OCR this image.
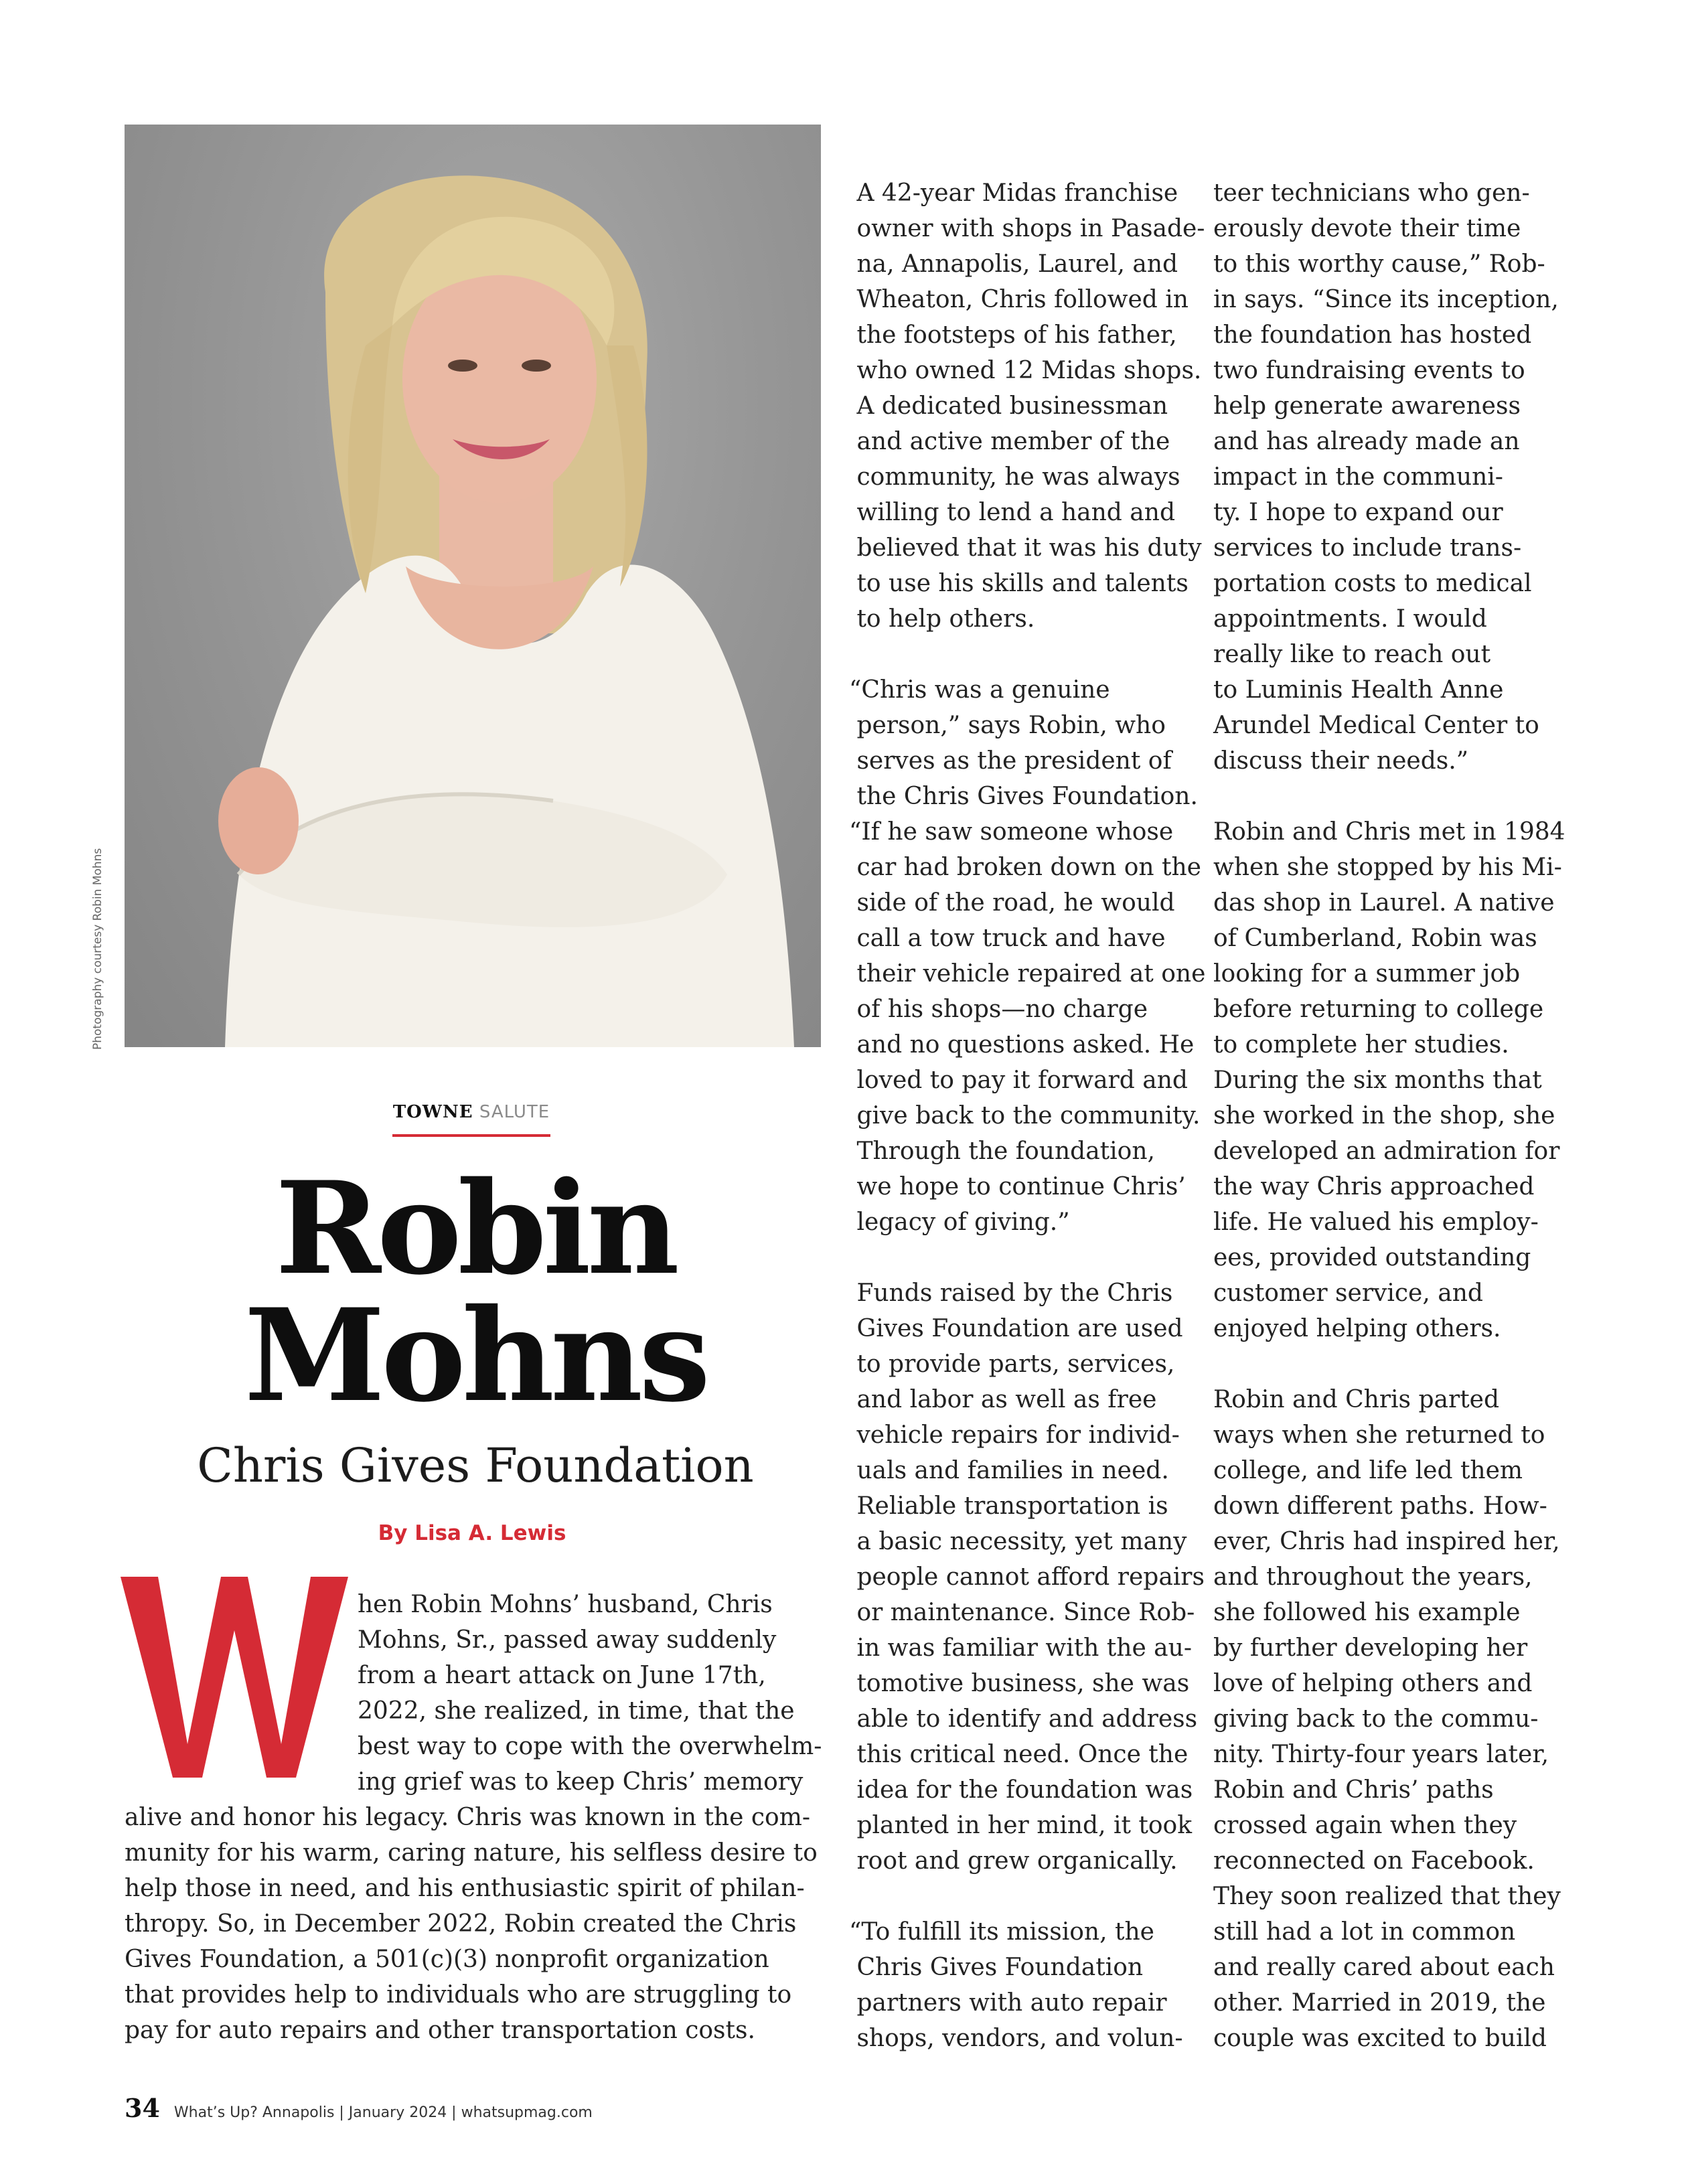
Photography courtesy Robin Mohns
TOWNE SALUTE
Robin
Mohns
Chris Gives Foundation
By Lisa A. Lewis
hen Robin Mohns’ husband, Chris
Mohns, Sr., passed away suddenly
from a heart attack on June 17th,
2022, she realized, in time, that the
best way to cope with the overwhelm-
ing grief was to keep Chris’ memory
alive and honor his legacy. Chris was known in the com-
munity for his warm, caring nature, his selfless desire to
help those in need, and his enthusiastic spirit of philan-
thropy. So, in December 2022, Robin created the Chris
Gives Foundation, a 501(c)(3) nonprofit organization
that provides help to individuals who are struggling to
pay for auto repairs and other transportation costs.
A 42-year Midas franchise
owner with shops in Pasade-
na, Annapolis, Laurel, and
Wheaton, Chris followed in
the footsteps of his father,
who owned 12 Midas shops.
A dedicated businessman
and active member of the
community, he was always
willing to lend a hand and
believed that it was his duty
to use his skills and talents
to help others.
“Chris was a genuine
person,” says Robin, who
serves as the president of
the Chris Gives Foundation.
“If he saw someone whose
car had broken down on the
side of the road, he would
call a tow truck and have
their vehicle repaired at one
of his shops—no charge
and no questions asked. He
loved to pay it forward and
give back to the community.
Through the foundation,
we hope to continue Chris’
legacy of giving.”
Funds raised by the Chris
Gives Foundation are used
to provide parts, services,
and labor as well as free
vehicle repairs for individ-
uals and families in need.
Reliable transportation is
a basic necessity, yet many
people cannot afford repairs
or maintenance. Since Rob-
in was familiar with the au-
tomotive business, she was
able to identify and address
this critical need. Once the
idea for the foundation was
planted in her mind, it took
root and grew organically.
“To fulfill its mission, the
Chris Gives Foundation
partners with auto repair
shops, vendors, and volun-
teer technicians who gen-
erously devote their time
to this worthy cause,” Rob-
in says. “Since its inception,
the foundation has hosted
two fundraising events to
help generate awareness
and has already made an
impact in the communi-
ty. I hope to expand our
services to include trans-
portation costs to medical
appointments. I would
really like to reach out
to Luminis Health Anne
Arundel Medical Center to
discuss their needs.”
Robin and Chris met in 1984
when she stopped by his Mi-
das shop in Laurel. A native
of Cumberland, Robin was
looking for a summer job
before returning to college
to complete her studies.
During the six months that
she worked in the shop, she
developed an admiration for
the way Chris approached
life. He valued his employ-
ees, provided outstanding
customer service, and
enjoyed helping others.
Robin and Chris parted
ways when she returned to
college, and life led them
down different paths. How-
ever, Chris had inspired her,
and throughout the years,
she followed his example
by further developing her
love of helping others and
giving back to the commu-
nity. Thirty-four years later,
Robin and Chris’ paths
crossed again when they
reconnected on Facebook.
They soon realized that they
still had a lot in common
and really cared about each
other. Married in 2019, the
couple was excited to build
34 What’s Up? Annapolis | January 2024 | whatsupmag.com
